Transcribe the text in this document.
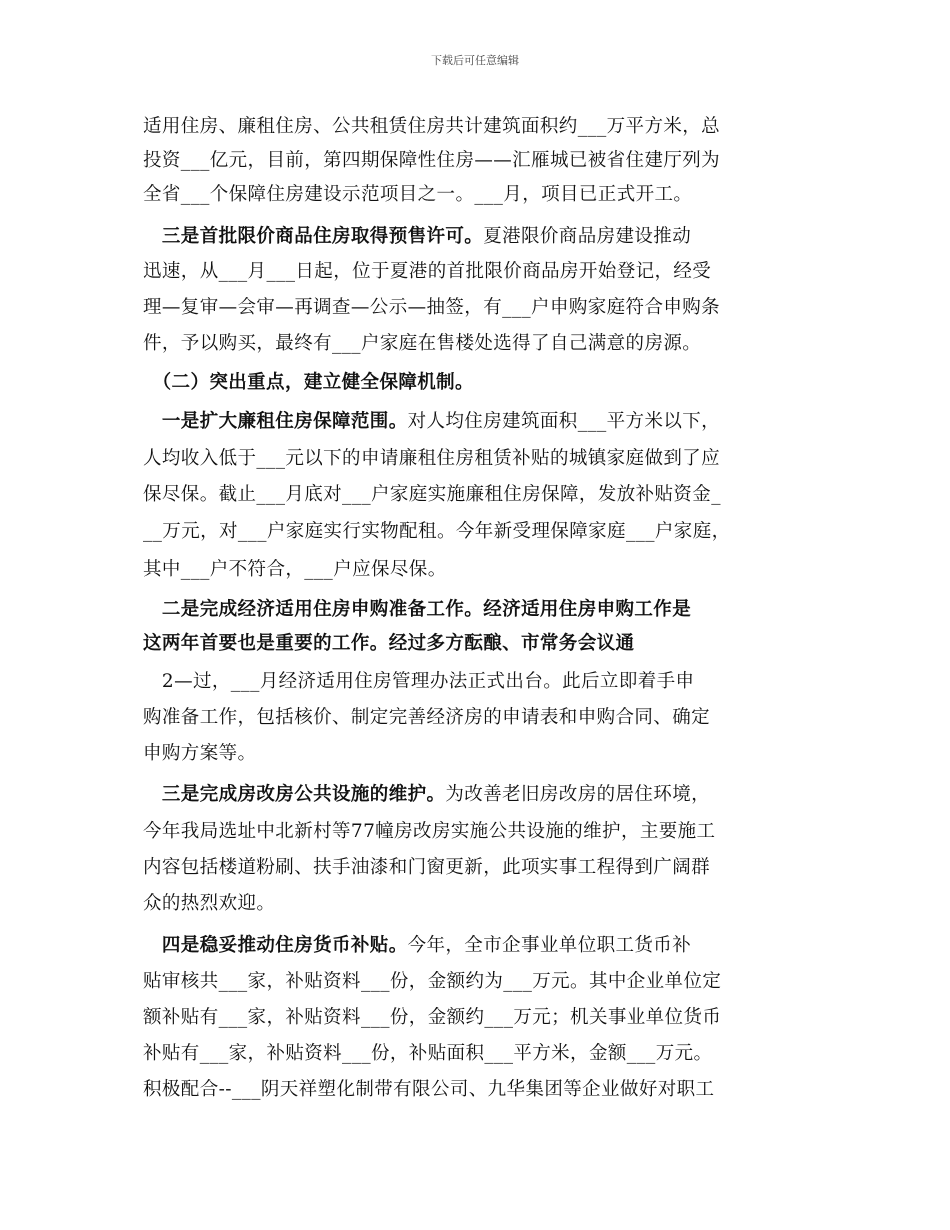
下载后可任意编辑
适用住房、廉租住房、公共租赁住房共计建筑面积约___万平方米，总
投资___亿元，目前，第四期保障性住房——汇雁城已被省住建厅列为
全省___个保障住房建设示范项目之一。___月，项目已正式开工。
　三是首批限价商品住房取得预售许可。夏港限价商品房建设推动
迅速，从___月___日起，位于夏港的首批限价商品房开始登记，经受
理—复审—会审—再调查—公示—抽签，有___户申购家庭符合申购条
件，予以购买，最终有___户家庭在售楼处选得了自己满意的房源。
　（二）突出重点，建立健全保障机制。
　一是扩大廉租住房保障范围。对人均住房建筑面积___平方米以下，
人均收入低于___元以下的申请廉租住房租赁补贴的城镇家庭做到了应
保尽保。截止___月底对___户家庭实施廉租住房保障，发放补贴资金_
__万元，对___户家庭实行实物配租。今年新受理保障家庭___户家庭，
其中___户不符合，___户应保尽保。
　二是完成经济适用住房申购准备工作。经济适用住房申购工作是
这两年首要也是重要的工作。经过多方酝酿、市常务会议通
　2—过，___月经济适用住房管理办法正式出台。此后立即着手申
购准备工作，包括核价、制定完善经济房的申请表和申购合同、确定
申购方案等。
　三是完成房改房公共设施的维护。为改善老旧房改房的居住环境，
今年我局选址中北新村等77幢房改房实施公共设施的维护，主要施工
内容包括楼道粉刷、扶手油漆和门窗更新，此项实事工程得到广阔群
众的热烈欢迎。
　四是稳妥推动住房货币补贴。今年，全市企事业单位职工货币补
贴审核共___家，补贴资料___份，金额约为___万元。其中企业单位定
额补贴有___家，补贴资料___份，金额约___万元；机关事业单位货币
补贴有___家，补贴资料___份，补贴面积___平方米，金额___万元。
积极配合--___阴天祥塑化制带有限公司、九华集团等企业做好对职工
